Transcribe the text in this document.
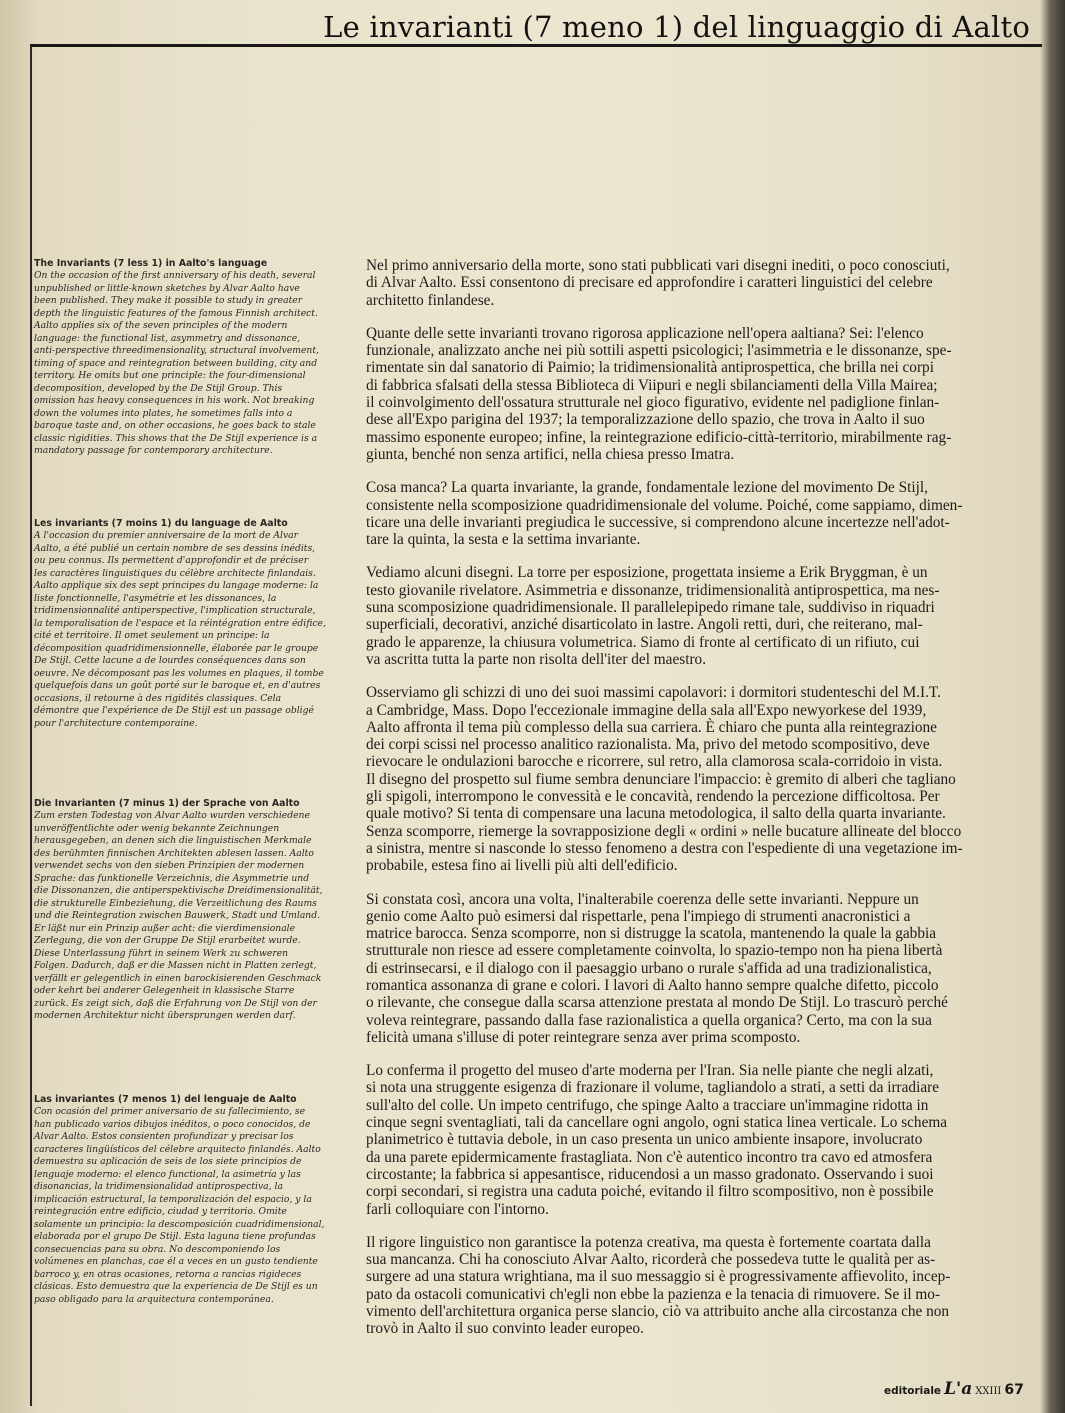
Le invarianti (7 meno 1) del linguaggio di Aalto
The Invariants (7 less 1) in Aalto's language
On the occasion of the first anniversary of his death, several
unpublished or little-known sketches by Alvar Aalto have
been published. They make it possible to study in greater
depth the linguistic features of the famous Finnish architect.
Aalto applies six of the seven principles of the modern
language: the functional list, asymmetry and dissonance,
anti-perspective threedimensionality, structural involvement,
timing of space and reintegration between building, city and
territory. He omits but one principle: the four-dimensional
decomposition, developed by the De Stijl Group. This
omission has heavy consequences in his work. Not breaking
down the volumes into plates, he sometimes falls into a
baroque taste and, on other occasions, he goes back to stale
classic rigidities. This shows that the De Stijl experience is a
mandatory passage for contemporary architecture.
Les invariants (7 moins 1) du language de Aalto
A l'occasion du premier anniversaire de la mort de Alvar
Aalto, a été publié un certain nombre de ses dessins inédits,
ou peu connus. Ils permettent d'approfondir et de préciser
les caractères linguistiques du célèbre architecte finlandais.
Aalto applique six des sept principes du langage moderne: la
liste fonctionnelle, l'asymétrie et les dissonances, la
tridimensionnalité antiperspective, l'implication structurale,
la temporalisation de l'espace et la réintégration entre édifice,
cité et territoire. Il omet seulement un principe: la
décomposition quadridimensionnelle, élaborée par le groupe
De Stijl. Cette lacune a de lourdes conséquences dans son
oeuvre. Ne décomposant pas les volumes en plaques, il tombe
quelquefois dans un goût porté sur le baroque et, en d'autres
occasions, il retourne à des rigidités classiques. Cela
démontre que l'expérience de De Stijl est un passage obligé
pour l'architecture contemporaine.
Die Invarianten (7 minus 1) der Sprache von Aalto
Zum ersten Todestag von Alvar Aalto wurden verschiedene
unveröffentlichte oder wenig bekannte Zeichnungen
herausgegeben, an denen sich die linguistischen Merkmale
des berühmten finnischen Architekten ablesen lassen. Aalto
verwendet sechs von den sieben Prinzipien der modernen
Sprache: das funktionelle Verzeichnis, die Asymmetrie und
die Dissonanzen, die antiperspektivische Dreidimensionalität,
die strukturelle Einbeziehung, die Verzeitlichung des Raums
und die Reintegration zwischen Bauwerk, Stadt und Umland.
Er läßt nur ein Prinzip außer acht: die vierdimensionale
Zerlegung, die von der Gruppe De Stijl erarbeitet wurde.
Diese Unterlassung führt in seinem Werk zu schweren
Folgen. Dadurch, daß er die Massen nicht in Platten zerlegt,
verfällt er gelegentlich in einen barockisierenden Geschmack
oder kehrt bei anderer Gelegenheit in klassische Starre
zurück. Es zeigt sich, daß die Erfahrung von De Stijl von der
modernen Architektur nicht übersprungen werden darf.
Las invariantes (7 menos 1) del lenguaje de Aalto
Con ocasión del primer aniversario de su fallecimiento, se
han publicado varios dibujos inéditos, o poco conocidos, de
Alvar Aalto. Estos consienten profundizar y precisar los
caracteres lingüísticos del célebre arquitecto finlandés. Aalto
demuestra su aplicación de seis de los siete principios de
lenguaje moderno: el elenco functional, la asimetría y las
disonancias, la tridimensionalidad antiprospectiva, la
implicación estructural, la temporalización del espacio, y la
reintegración entre edificio, ciudad y territorio. Omite
solamente un principio: la descomposición cuadridimensional,
elaborada por el grupo De Stijl. Esta laguna tiene profundas
consecuencias para su obra. No descomponiendo los
volúmenes en planchas, cae él a veces en un gusto tendiente
barroco y, en otras ocasiones, retorna a rancias rigideces
clásicas. Esto demuestra que la experiencia de De Stijl es un
paso obligado para la arquitectura contemporánea.

Nel primo anniversario della morte, sono stati pubblicati vari disegni inediti, o poco conosciuti,
di Alvar Aalto. Essi consentono di precisare ed approfondire i caratteri linguistici del celebre
architetto finlandese.

Quante delle sette invarianti trovano rigorosa applicazione nell'opera aaltiana? Sei: l'elenco
funzionale, analizzato anche nei più sottili aspetti psicologici; l'asimmetria e le dissonanze, spe-
rimentate sin dal sanatorio di Paimio; la tridimensionalità antiprospettica, che brilla nei corpi
di fabbrica sfalsati della stessa Biblioteca di Viipuri e negli sbilanciamenti della Villa Mairea;
il coinvolgimento dell'ossatura strutturale nel gioco figurativo, evidente nel padiglione finlan-
dese all'Expo parigina del 1937; la temporalizzazione dello spazio, che trova in Aalto il suo
massimo esponente europeo; infine, la reintegrazione edificio-città-territorio, mirabilmente rag-
giunta, benché non senza artifici, nella chiesa presso Imatra.

Cosa manca? La quarta invariante, la grande, fondamentale lezione del movimento De Stijl,
consistente nella scomposizione quadridimensionale del volume. Poiché, come sappiamo, dimen-
ticare una delle invarianti pregiudica le successive, si comprendono alcune incertezze nell'adot-
tare la quinta, la sesta e la settima invariante.

Vediamo alcuni disegni. La torre per esposizione, progettata insieme a Erik Bryggman, è un
testo giovanile rivelatore. Asimmetria e dissonanze, tridimensionalità antiprospettica, ma nes-
suna scomposizione quadridimensionale. Il parallelepipedo rimane tale, suddiviso in riquadri
superficiali, decorativi, anziché disarticolato in lastre. Angoli retti, duri, che reiterano, mal-
grado le apparenze, la chiusura volumetrica. Siamo di fronte al certificato di un rifiuto, cui
va ascritta tutta la parte non risolta dell'iter del maestro.

Osserviamo gli schizzi di uno dei suoi massimi capolavori: i dormitori studenteschi del M.I.T.
a Cambridge, Mass. Dopo l'eccezionale immagine della sala all'Expo newyorkese del 1939,
Aalto affronta il tema più complesso della sua carriera. È chiaro che punta alla reintegrazione
dei corpi scissi nel processo analitico razionalista. Ma, privo del metodo scompositivo, deve
rievocare le ondulazioni barocche e ricorrere, sul retro, alla clamorosa scala-corridoio in vista.
Il disegno del prospetto sul fiume sembra denunciare l'impaccio: è gremito di alberi che tagliano
gli spigoli, interrompono le convessità e le concavità, rendendo la percezione difficoltosa. Per
quale motivo? Si tenta di compensare una lacuna metodologica, il salto della quarta invariante.
Senza scomporre, riemerge la sovrapposizione degli « ordini » nelle bucature allineate del blocco
a sinistra, mentre si nasconde lo stesso fenomeno a destra con l'espediente di una vegetazione im-
probabile, estesa fino ai livelli più alti dell'edificio.

Si constata così, ancora una volta, l'inalterabile coerenza delle sette invarianti. Neppure un
genio come Aalto può esimersi dal rispettarle, pena l'impiego di strumenti anacronistici a
matrice barocca. Senza scomporre, non si distrugge la scatola, mantenendo la quale la gabbia
strutturale non riesce ad essere completamente coinvolta, lo spazio-tempo non ha piena libertà
di estrinsecarsi, e il dialogo con il paesaggio urbano o rurale s'affida ad una tradizionalistica,
romantica assonanza di grane e colori. I lavori di Aalto hanno sempre qualche difetto, piccolo
o rilevante, che consegue dalla scarsa attenzione prestata al mondo De Stijl. Lo trascurò perché
voleva reintegrare, passando dalla fase razionalistica a quella organica? Certo, ma con la sua
felicità umana s'illuse di poter reintegrare senza aver prima scomposto.

Lo conferma il progetto del museo d'arte moderna per l'Iran. Sia nelle piante che negli alzati,
si nota una struggente esigenza di frazionare il volume, tagliandolo a strati, a setti da irradiare
sull'alto del colle. Un impeto centrifugo, che spinge Aalto a tracciare un'immagine ridotta in
cinque segni sventagliati, tali da cancellare ogni angolo, ogni statica linea verticale. Lo schema
planimetrico è tuttavia debole, in un caso presenta un unico ambiente insapore, involucrato
da una parete epidermicamente frastagliata. Non c'è autentico incontro tra cavo ed atmosfera
circostante; la fabbrica si appesantisce, riducendosi a un masso gradonato. Osservando i suoi
corpi secondari, si registra una caduta poiché, evitando il filtro scompositivo, non è possibile
farli colloquiare con l'intorno.

Il rigore linguistico non garantisce la potenza creativa, ma questa è fortemente coartata dalla
sua mancanza. Chi ha conosciuto Alvar Aalto, ricorderà che possedeva tutte le qualità per as-
surgere ad una statura wrightiana, ma il suo messaggio si è progressivamente affievolito, incep-
pato da ostacoli comunicativi ch'egli non ebbe la pazienza e la tenacia di rimuovere. Se il mo-
vimento dell'architettura organica perse slancio, ciò va attribuito anche alla circostanza che non
trovò in Aalto il suo convinto leader europeo.

editoriale L'a XXIII 67
